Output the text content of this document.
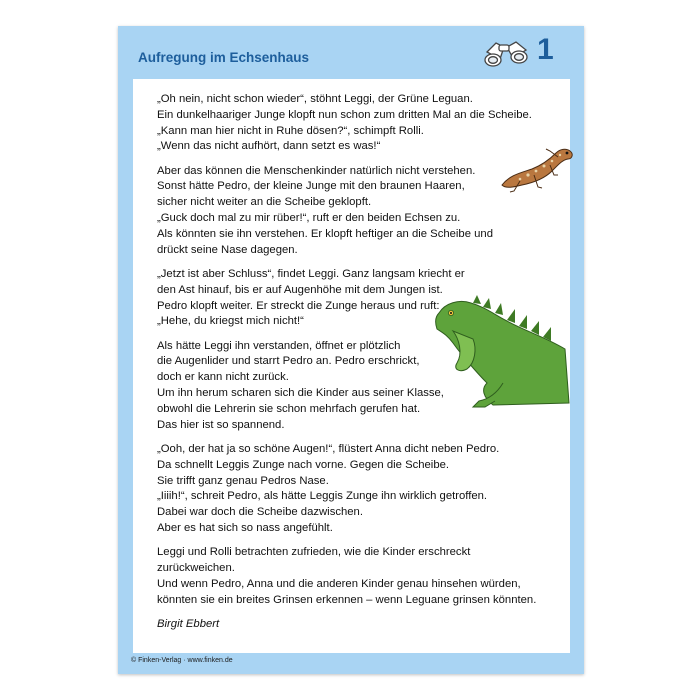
Aufregung im Echsenhaus	1

„Oh nein, nicht schon wieder“, stöhnt Leggi, der Grüne Leguan.
Ein dunkelhaariger Junge klopft nun schon zum dritten Mal an die Scheibe.
„Kann man hier nicht in Ruhe dösen?“, schimpft Rolli.
„Wenn das nicht aufhört, dann setzt es was!“

Aber das können die Menschenkinder natürlich nicht verstehen.
Sonst hätte Pedro, der kleine Junge mit den braunen Haaren,
sicher nicht weiter an die Scheibe geklopft.
„Guck doch mal zu mir rüber!“, ruft er den beiden Echsen zu.
Als könnten sie ihn verstehen. Er klopft heftiger an die Scheibe und
drückt seine Nase dagegen.

„Jetzt ist aber Schluss“, findet Leggi. Ganz langsam kriecht er
den Ast hinauf, bis er auf Augenhöhe mit dem Jungen ist.
Pedro klopft weiter. Er streckt die Zunge heraus und ruft:
„Hehe, du kriegst mich nicht!“

Als hätte Leggi ihn verstanden, öffnet er plötzlich
die Augenlider und starrt Pedro an. Pedro erschrickt,
doch er kann nicht zurück.
Um ihn herum scharen sich die Kinder aus seiner Klasse,
obwohl die Lehrerin sie schon mehrfach gerufen hat.
Das hier ist so spannend.

„Ooh, der hat ja so schöne Augen!“, flüstert Anna dicht neben Pedro.
Da schnellt Leggis Zunge nach vorne. Gegen die Scheibe.
Sie trifft ganz genau Pedros Nase.
„Iiiih!“, schreit Pedro, als hätte Leggis Zunge ihn wirklich getroffen.
Dabei war doch die Scheibe dazwischen.
Aber es hat sich so nass angefühlt.

Leggi und Rolli betrachten zufrieden, wie die Kinder erschreckt
zurückweichen.
Und wenn Pedro, Anna und die anderen Kinder genau hinsehen würden,
könnten sie ein breites Grinsen erkennen – wenn Leguane grinsen könnten.

Birgit Ebbert

© Finken-Verlag · www.finken.de
